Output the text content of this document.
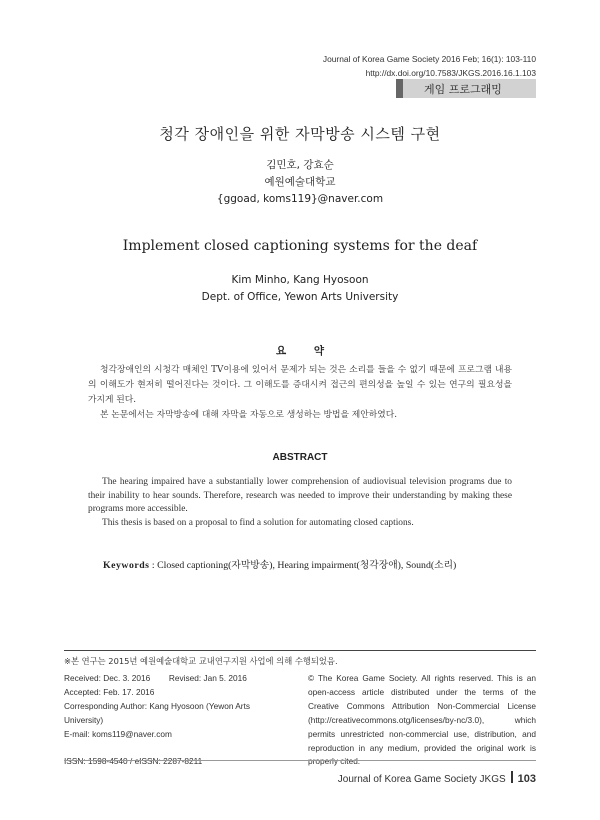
Journal of Korea Game Society 2016 Feb; 16(1): 103-110
http://dx.doi.org/10.7583/JKGS.2016.16.1.103
게임 프로그래밍
청각 장애인을 위한 자막방송 시스템 구현
김민호, 강효순
예원예술대학교
{ggoad, koms119}@naver.com
Implement closed captioning systems for the deaf
Kim Minho, Kang Hyosoon
Dept. of Office, Yewon Arts University
요 약

청각장애인의 시청각 매체인 TV이용에 있어서 문제가 되는 것은 소리를 들을 수 없기 때문에 프로그램 내용의 이해도가 현저히 떨어진다는 것이다. 그 이해도를 증대시켜 접근의 편의성을 높일 수 있는 연구의 필요성을 가지게 된다.

본 논문에서는 자막방송에 대해 자막을 자동으로 생성하는 방법을 제안하였다.

ABSTRACT

The hearing impaired have a substantially lower comprehension of audiovisual television programs due to their inability to hear sounds. Therefore, research was needed to improve their understanding by making these programs more accessible.

This thesis is based on a proposal to find a solution for automating closed captions.

Keywords : Closed captioning(자막방송), Hearing impairment(청각장애), Sound(소리)
※본 연구는 2015년 예원예술대학교 교내연구지원 사업에 의해 수행되었음.
Received: Dec. 3. 2016 Revised: Jan 5. 2016
Accepted: Feb. 17. 2016
Corresponding Author: Kang Hyosoon (Yewon Arts University)
E-mail: koms119@naver.com
ISSN: 1598-4540 / eISSN: 2287-8211
© The Korea Game Society. All rights reserved. This is an open-access article distributed under the terms of the Creative Commons Attribution Non-Commercial License (http://creativecommons.otg/licenses/by-nc/3.0), which permits unrestricted non-commercial use, distribution, and reproduction in any medium, provided the original work is properly cited.
Journal of Korea Game Society JKGS 103
